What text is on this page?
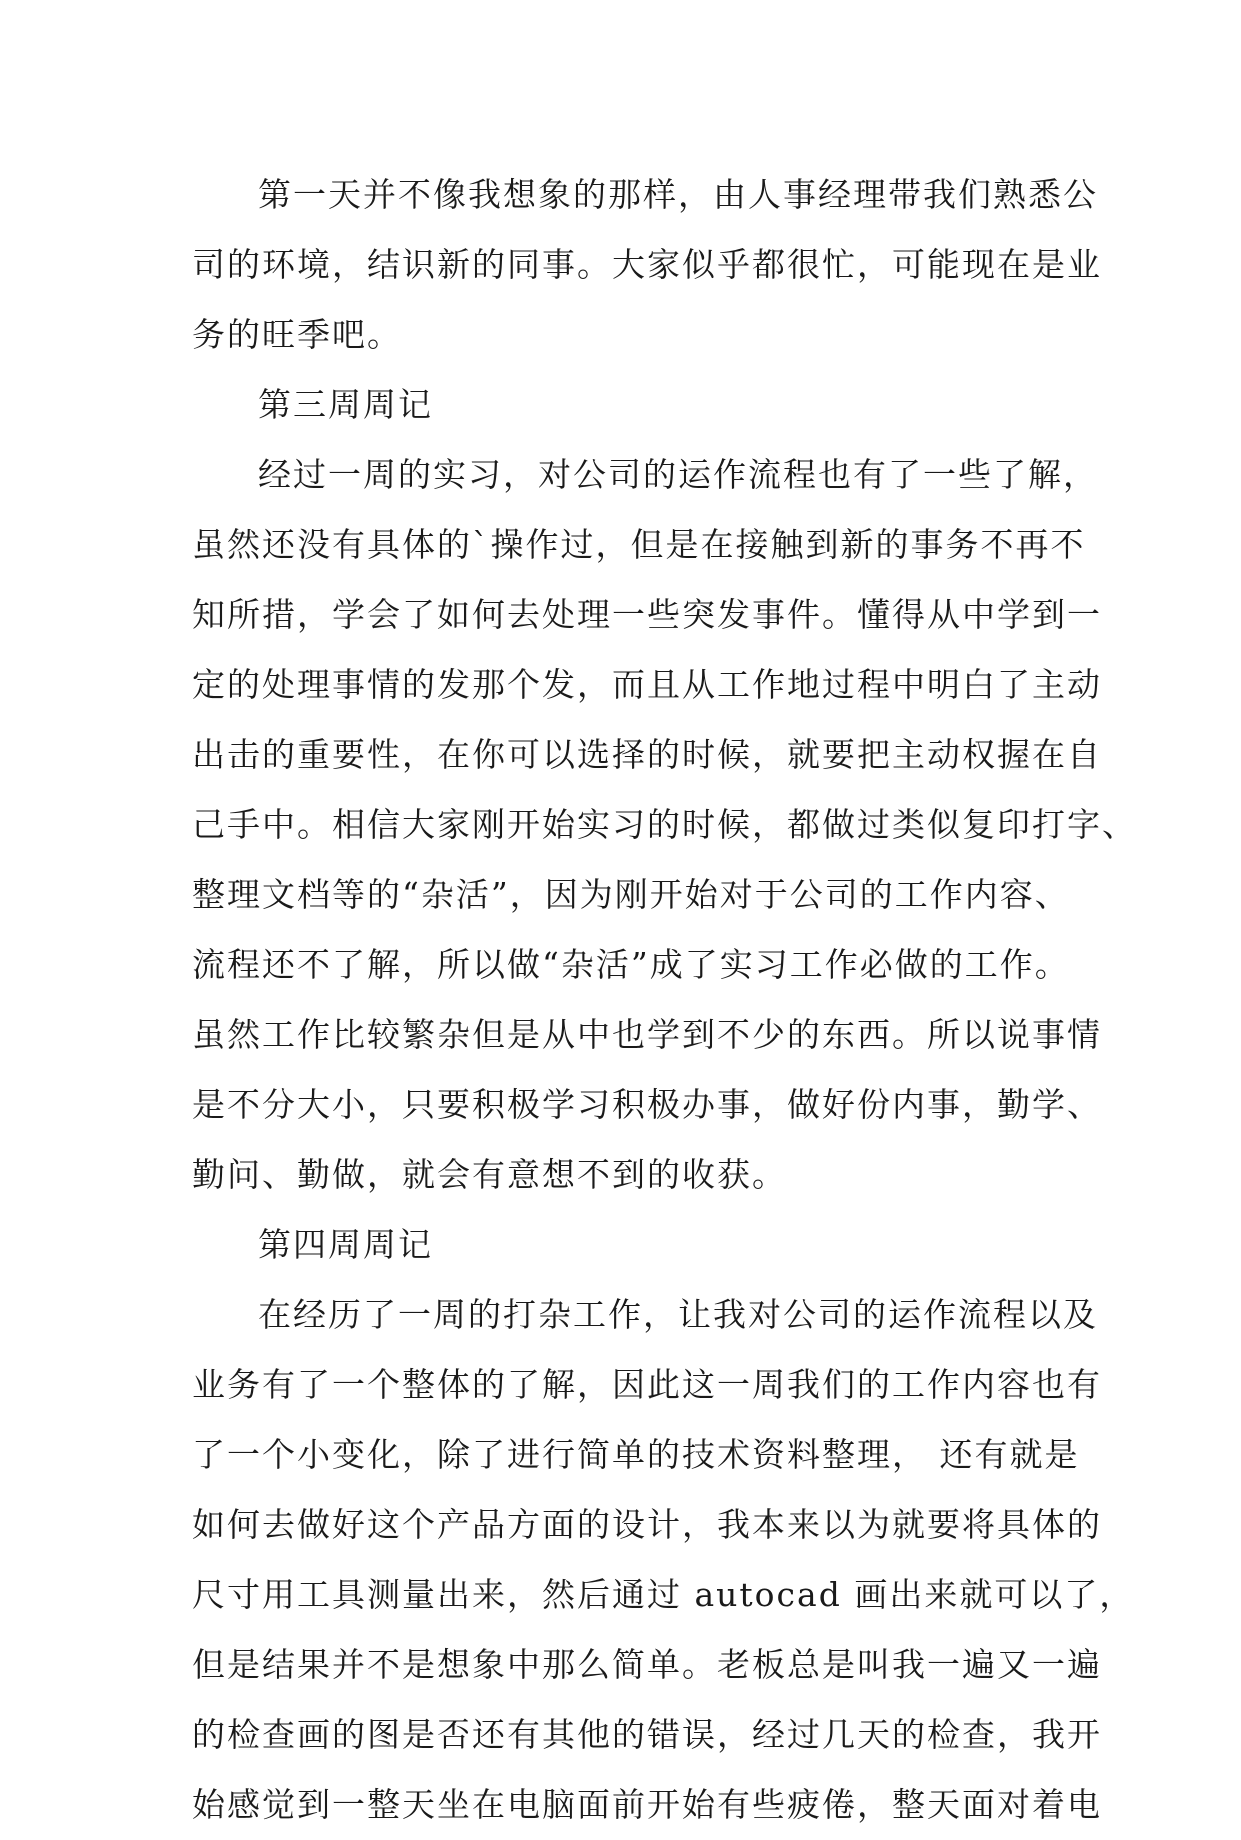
第一天并不像我想象的那样，由人事经理带我们熟悉公
司的环境，结识新的同事。大家似乎都很忙，可能现在是业
务的旺季吧。
第三周周记
经过一周的实习，对公司的运作流程也有了一些了解，
虽然还没有具体的`操作过，但是在接触到新的事务不再不
知所措，学会了如何去处理一些突发事件。懂得从中学到一
定的处理事情的发那个发，而且从工作地过程中明白了主动
出击的重要性，在你可以选择的时候，就要把主动权握在自
己手中。相信大家刚开始实习的时候，都做过类似复印打字、
整理文档等的“杂活”，因为刚开始对于公司的工作内容、
流程还不了解，所以做“杂活”成了实习工作必做的工作。
虽然工作比较繁杂但是从中也学到不少的东西。所以说事情
是不分大小，只要积极学习积极办事，做好份内事，勤学、
勤问、勤做，就会有意想不到的收获。
第四周周记
在经历了一周的打杂工作，让我对公司的运作流程以及
业务有了一个整体的了解，因此这一周我们的工作内容也有
了一个小变化，除了进行简单的技术资料整理， 还有就是
如何去做好这个产品方面的设计，我本来以为就要将具体的
尺寸用工具测量出来，然后通过 autocad 画出来就可以了，
但是结果并不是想象中那么简单。老板总是叫我一遍又一遍
的检查画的图是否还有其他的错误，经过几天的检查，我开
始感觉到一整天坐在电脑面前开始有些疲倦，整天面对着电
